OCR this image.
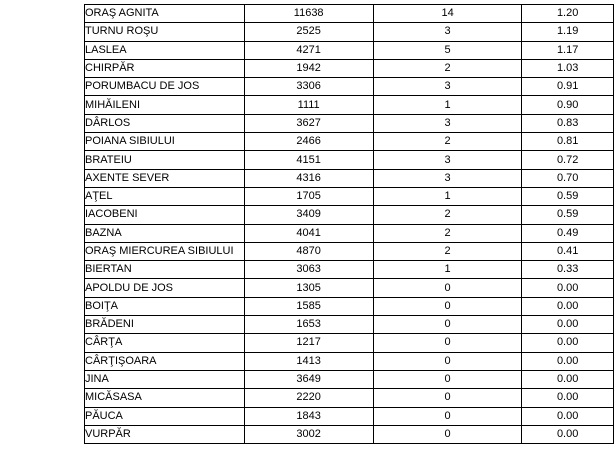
ORAŞ AGNITA	11638	14	1.20
TURNU ROŞU	2525	3	1.19
LASLEA	4271	5	1.17
CHIRPĂR	1942	2	1.03
PORUMBACU DE JOS	3306	3	0.91
MIHĂILENI	1111	1	0.90
DÂRLOS	3627	3	0.83
POIANA SIBIULUI	2466	2	0.81
BRATEIU	4151	3	0.72
AXENTE SEVER	4316	3	0.70
AŢEL	1705	1	0.59
IACOBENI	3409	2	0.59
BAZNA	4041	2	0.49
ORAŞ MIERCUREA SIBIULUI	4870	2	0.41
BIERTAN	3063	1	0.33
APOLDU DE JOS	1305	0	0.00
BOIŢA	1585	0	0.00
BRĂDENI	1653	0	0.00
CÂRŢA	1217	0	0.00
CÂRŢIŞOARA	1413	0	0.00
JINA	3649	0	0.00
MICĂSASA	2220	0	0.00
PĂUCA	1843	0	0.00
VURPĂR	3002	0	0.00
